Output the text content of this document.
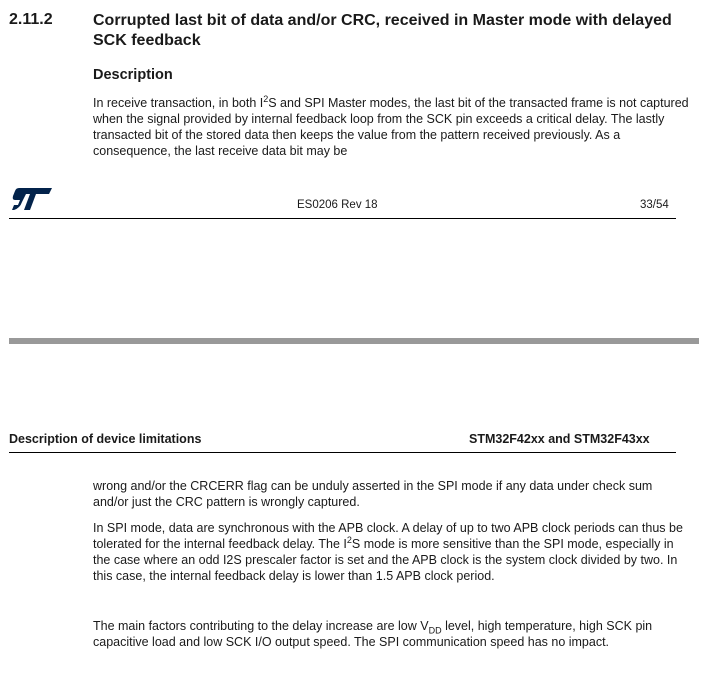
2.11.2	Corrupted last bit of data and/or CRC, received in Master mode with delayed SCK feedback
Description
In receive transaction, in both $I^2S$ and SPI Master modes, the last bit of the transacted frame is not captured when the signal provided by internal feedback loop from the SCK pin exceeds a critical delay. The lastly transacted bit of the stored data then keeps the value from the pattern received previously. As a consequence, the last receive data bit may be
ES0206 Rev 18	33/54
Description of device limitations	STM32F42xx and STM32F43xx
wrong and/or the CRCERR flag can be unduly asserted in the SPI mode if any data under check sum and/or just the CRC pattern is wrongly captured.
In SPI mode, data are synchronous with the APB clock. A delay of up to two APB clock periods can thus be tolerated for the internal feedback delay. The $I^2S$ mode is more sensitive than the SPI mode, especially in the case where an odd I2S prescaler factor is set and the APB clock is the system clock divided by two. In this case, the internal feedback delay is lower than 1.5 APB clock period.
The main factors contributing to the delay increase are low $V_{DD}$ level, high temperature, high SCK pin capacitive load and low SCK I/O output speed. The SPI communication speed has no impact.
